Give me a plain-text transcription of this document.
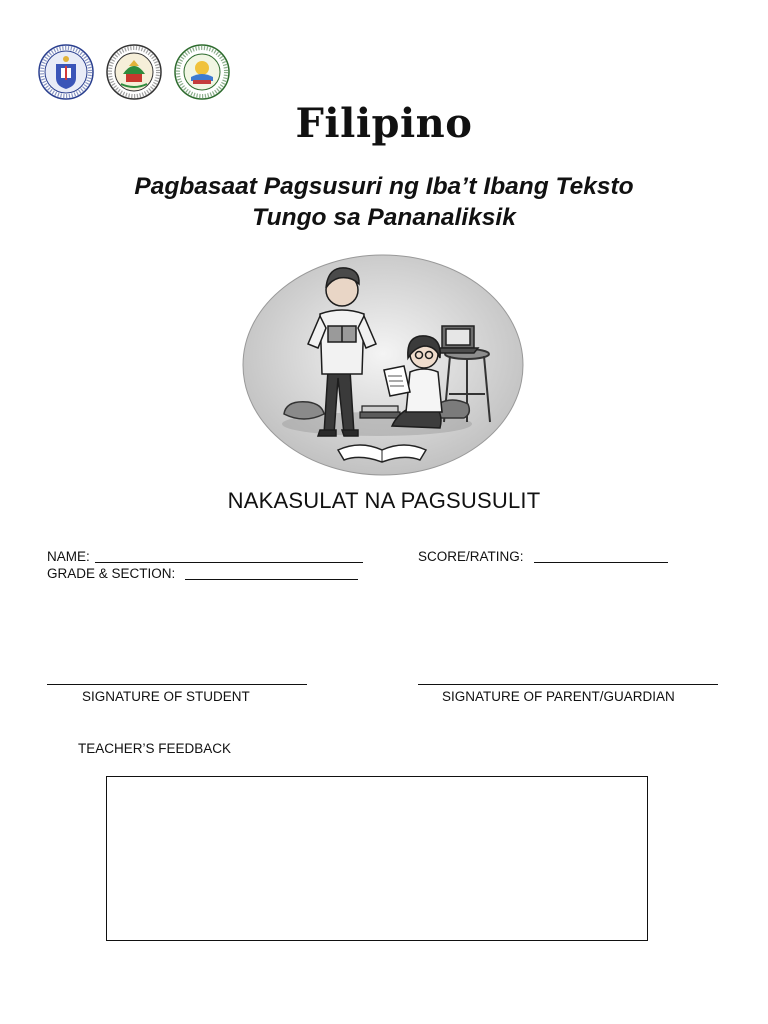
Filipino
Pagbasaat Pagsusuri ng Iba’t Ibang Teksto
Tungo sa Pananaliksik
NAKASULAT NA PAGSUSULIT
NAME:	SCORE/RATING:
GRADE & SECTION:
SIGNATURE OF STUDENT	SIGNATURE OF PARENT/GUARDIAN
TEACHER’S FEEDBACK
